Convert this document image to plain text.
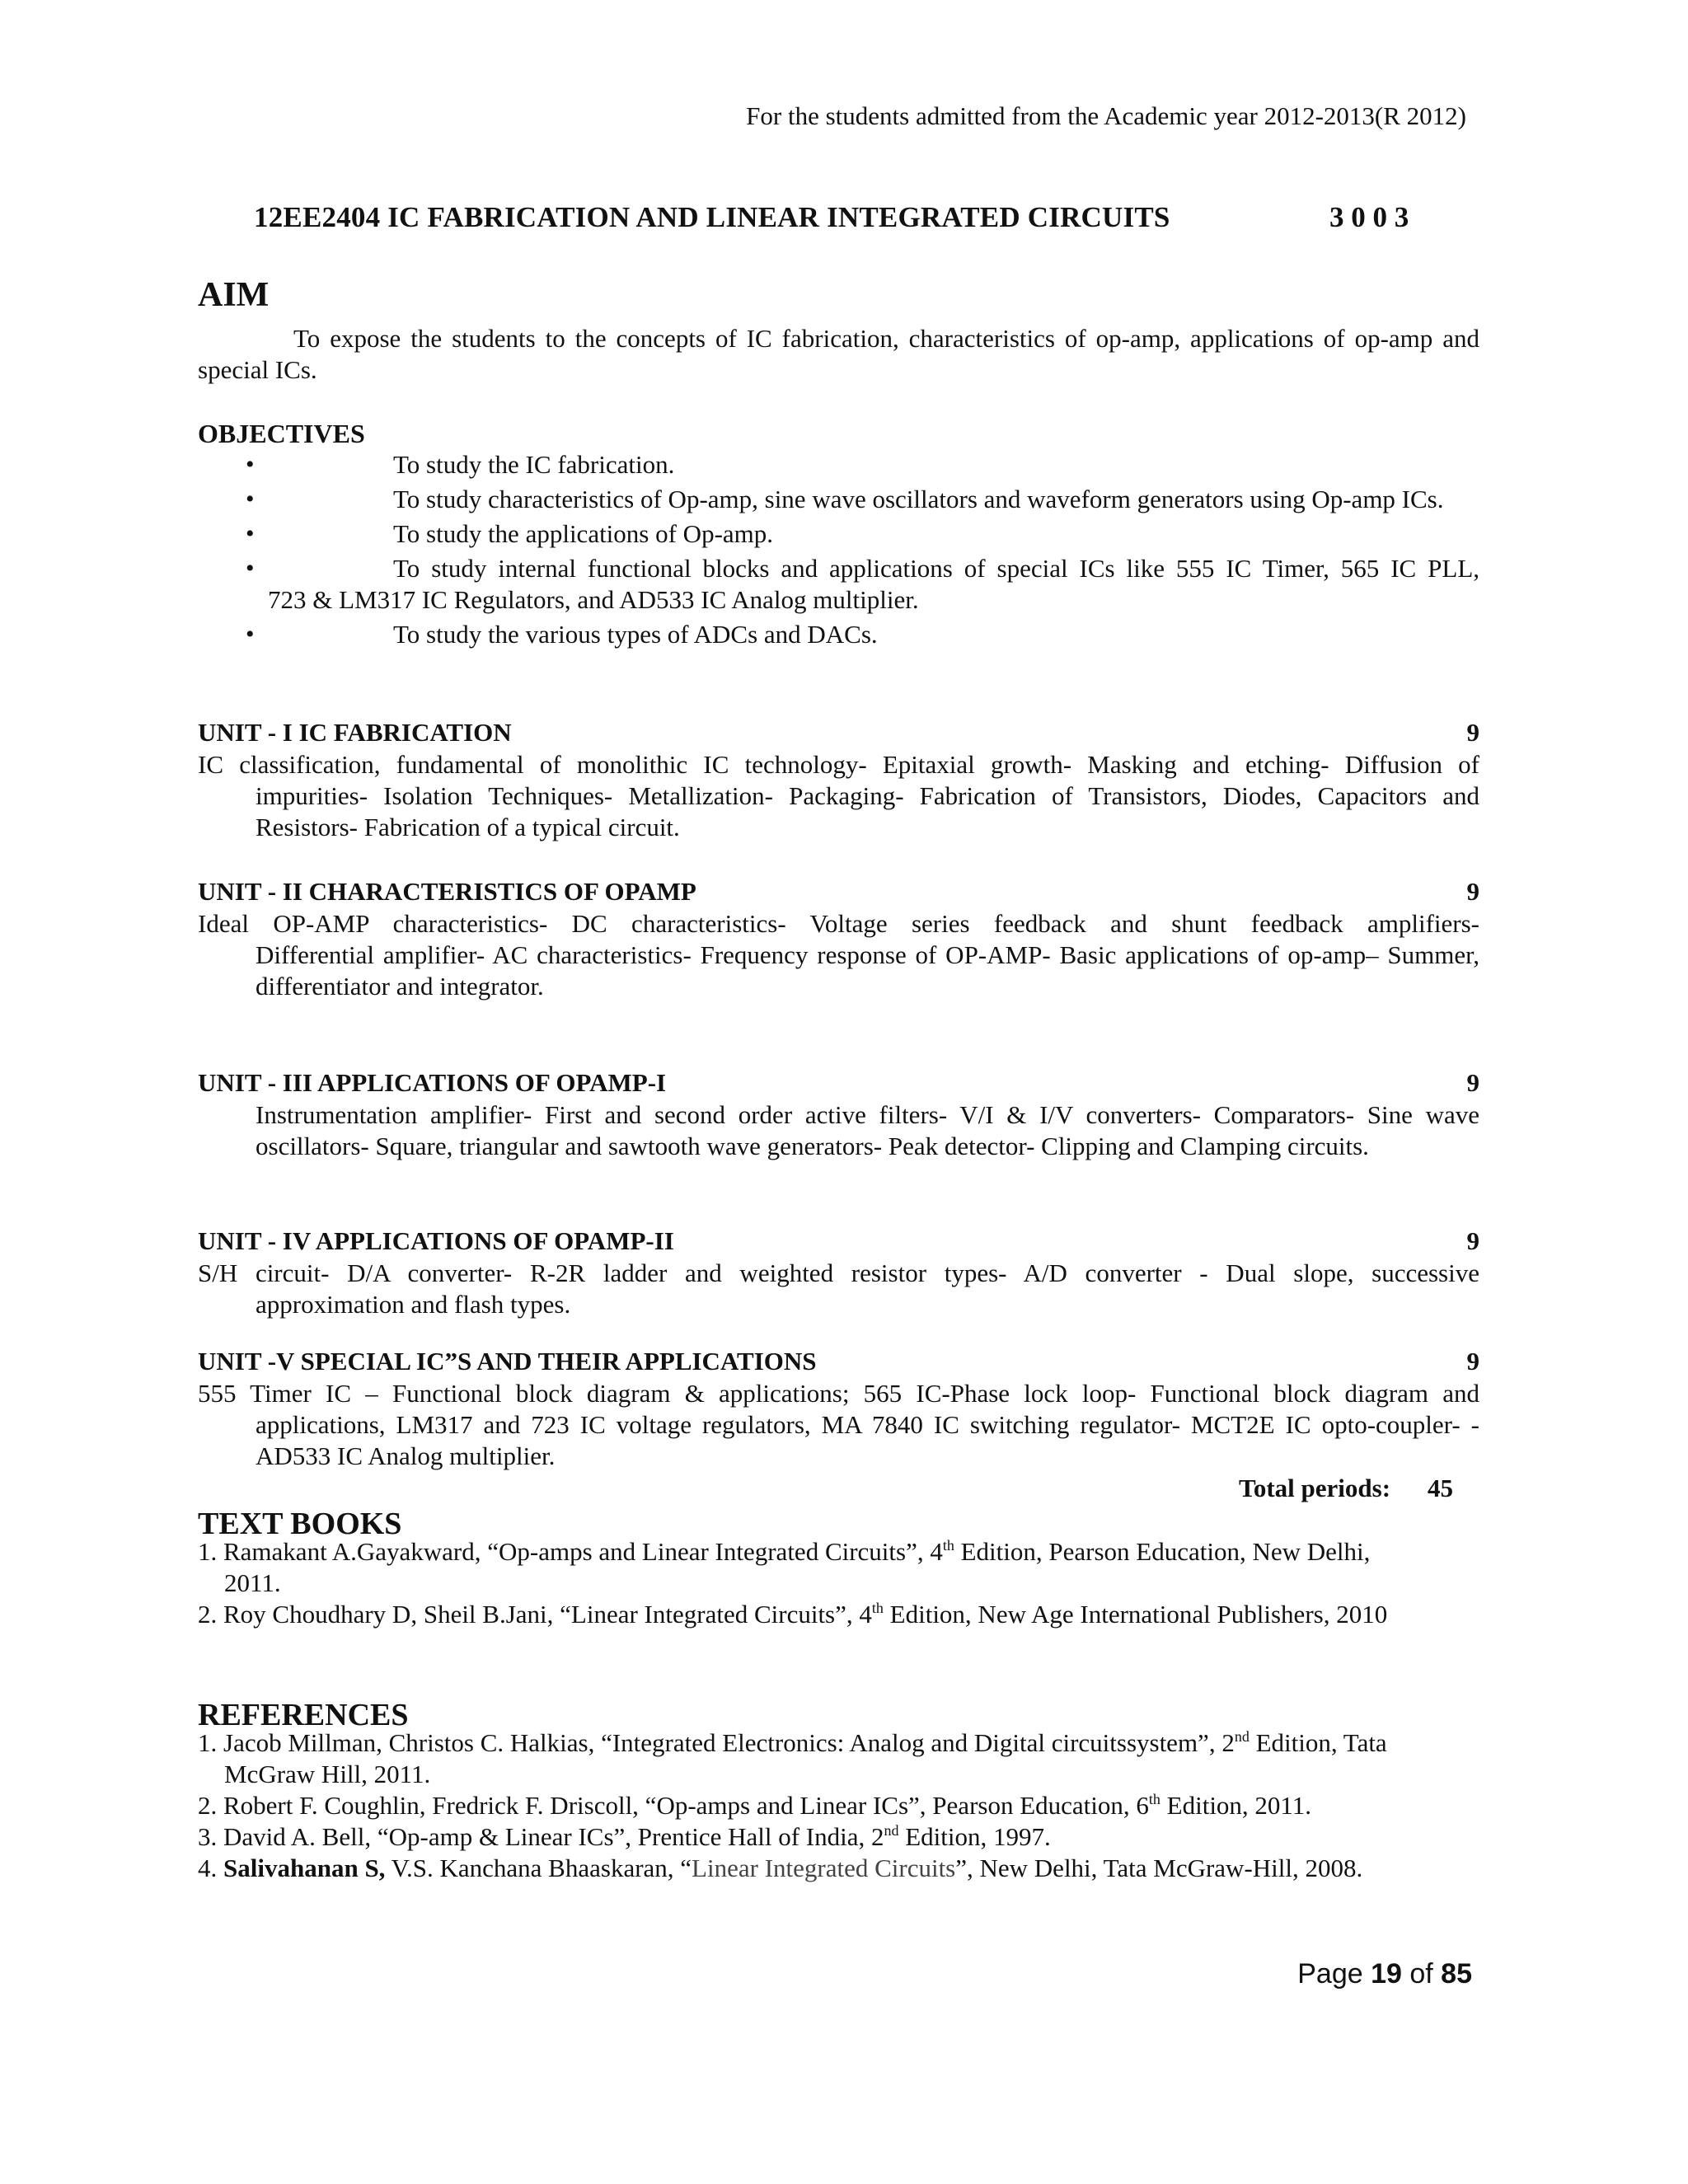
For the students admitted from the Academic year 2012-2013(R 2012)
12EE2404 IC FABRICATION AND LINEAR INTEGRATED CIRCUITS	3 0 0 3
AIM
To expose the students to the concepts of IC fabrication, characteristics of op-amp, applications of op-amp and special ICs.
OBJECTIVES
•	To study the IC fabrication.
•	To study characteristics of Op-amp, sine wave oscillators and waveform generators using Op-amp ICs.
•	To study the applications of Op-amp.
•	To study internal functional blocks and applications of special ICs like 555 IC Timer, 565 IC PLL,
723 & LM317 IC Regulators, and AD533 IC Analog multiplier.
•	To study the various types of ADCs and DACs.
UNIT - I IC FABRICATION	9
IC classification, fundamental of monolithic IC technology- Epitaxial growth- Masking and etching- Diffusion of
impurities- Isolation Techniques- Metallization- Packaging- Fabrication of Transistors, Diodes, Capacitors and Resistors- Fabrication of a typical circuit.
UNIT - II CHARACTERISTICS OF OPAMP	9
Ideal OP-AMP characteristics- DC characteristics- Voltage series feedback and shunt feedback amplifiers-
Differential amplifier- AC characteristics- Frequency response of OP-AMP- Basic applications of op-amp– Summer, differentiator and integrator.
UNIT - III APPLICATIONS OF OPAMP-I	9
Instrumentation amplifier- First and second order active filters- V/I & I/V converters- Comparators- Sine wave oscillators- Square, triangular and sawtooth wave generators- Peak detector- Clipping and Clamping circuits.
UNIT - IV APPLICATIONS OF OPAMP-II	9
S/H circuit- D/A converter- R-2R ladder and weighted resistor types- A/D converter - Dual slope, successive
approximation and flash types.
UNIT -V SPECIAL IC”S AND THEIR APPLICATIONS	9
555 Timer IC – Functional block diagram & applications; 565 IC-Phase lock loop- Functional block diagram and
applications, LM317 and 723 IC voltage regulators, MA 7840 IC switching regulator- MCT2E IC opto-coupler- -AD533 IC Analog multiplier.
Total periods: 45
TEXT BOOKS
1. Ramakant A.Gayakward, “Op-amps and Linear Integrated Circuits”, 4th Edition, Pearson Education, New Delhi, 2011.
2. Roy Choudhary D, Sheil B.Jani, “Linear Integrated Circuits”, 4th Edition, New Age International Publishers, 2010
REFERENCES
1. Jacob Millman, Christos C. Halkias, “Integrated Electronics: Analog and Digital circuitssystem”, 2nd Edition, Tata McGraw Hill, 2011.
2. Robert F. Coughlin, Fredrick F. Driscoll, “Op-amps and Linear ICs”, Pearson Education, 6th Edition, 2011.
3. David A. Bell, “Op-amp & Linear ICs”, Prentice Hall of India, 2nd Edition, 1997.
4. Salivahanan S, V.S. Kanchana Bhaaskaran, “Linear Integrated Circuits”, New Delhi, Tata McGraw-Hill, 2008.
Page 19 of 85
